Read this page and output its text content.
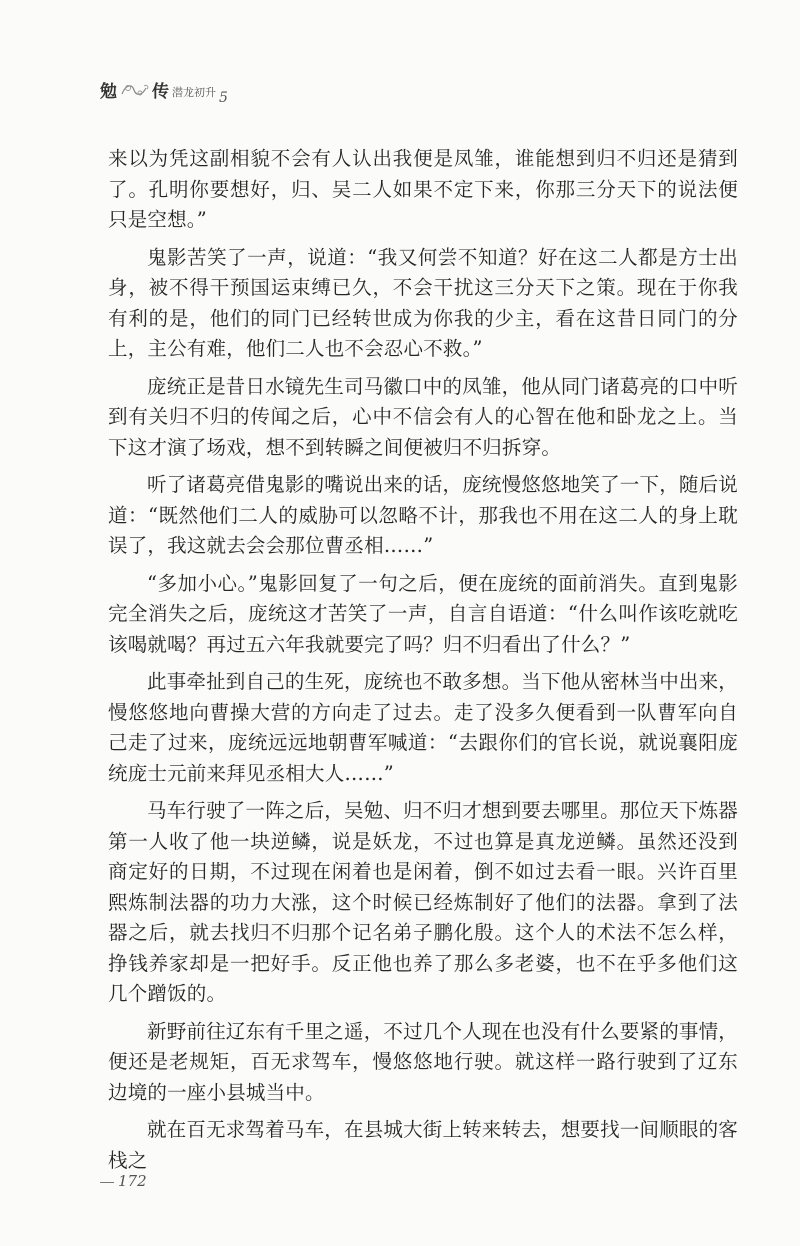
勉 传 潜龙初升 5

来以为凭这副相貌不会有人认出我便是凤雏，谁能想到归不归还是猜到了。孔明你要想好，归、吴二人如果不定下来，你那三分天下的说法便只是空想。”

鬼影苦笑了一声，说道：“我又何尝不知道？好在这二人都是方士出身，被不得干预国运束缚已久，不会干扰这三分天下之策。现在于你我有利的是，他们的同门已经转世成为你我的少主，看在这昔日同门的分上，主公有难，他们二人也不会忍心不救。”

庞统正是昔日水镜先生司马徽口中的凤雏，他从同门诸葛亮的口中听到有关归不归的传闻之后，心中不信会有人的心智在他和卧龙之上。当下这才演了场戏，想不到转瞬之间便被归不归拆穿。

听了诸葛亮借鬼影的嘴说出来的话，庞统慢悠悠地笑了一下，随后说道：“既然他们二人的威胁可以忽略不计，那我也不用在这二人的身上耽误了，我这就去会会那位曹丞相……”

“多加小心。”鬼影回复了一句之后，便在庞统的面前消失。直到鬼影完全消失之后，庞统这才苦笑了一声，自言自语道：“什么叫作该吃就吃该喝就喝？再过五六年我就要完了吗？归不归看出了什么？”

此事牵扯到自己的生死，庞统也不敢多想。当下他从密林当中出来，慢悠悠地向曹操大营的方向走了过去。走了没多久便看到一队曹军向自己走了过来，庞统远远地朝曹军喊道：“去跟你们的官长说，就说襄阳庞统庞士元前来拜见丞相大人……”

马车行驶了一阵之后，吴勉、归不归才想到要去哪里。那位天下炼器第一人收了他一块逆鳞，说是妖龙，不过也算是真龙逆鳞。虽然还没到商定好的日期，不过现在闲着也是闲着，倒不如过去看一眼。兴许百里熙炼制法器的功力大涨，这个时候已经炼制好了他们的法器。拿到了法器之后，就去找归不归那个记名弟子鹏化殷。这个人的术法不怎么样，挣钱养家却是一把好手。反正他也养了那么多老婆，也不在乎多他们这几个蹭饭的。

新野前往辽东有千里之遥，不过几个人现在也没有什么要紧的事情，便还是老规矩，百无求驾车，慢悠悠地行驶。就这样一路行驶到了辽东边境的一座小县城当中。

就在百无求驾着马车，在县城大街上转来转去，想要找一间顺眼的客栈之

172
